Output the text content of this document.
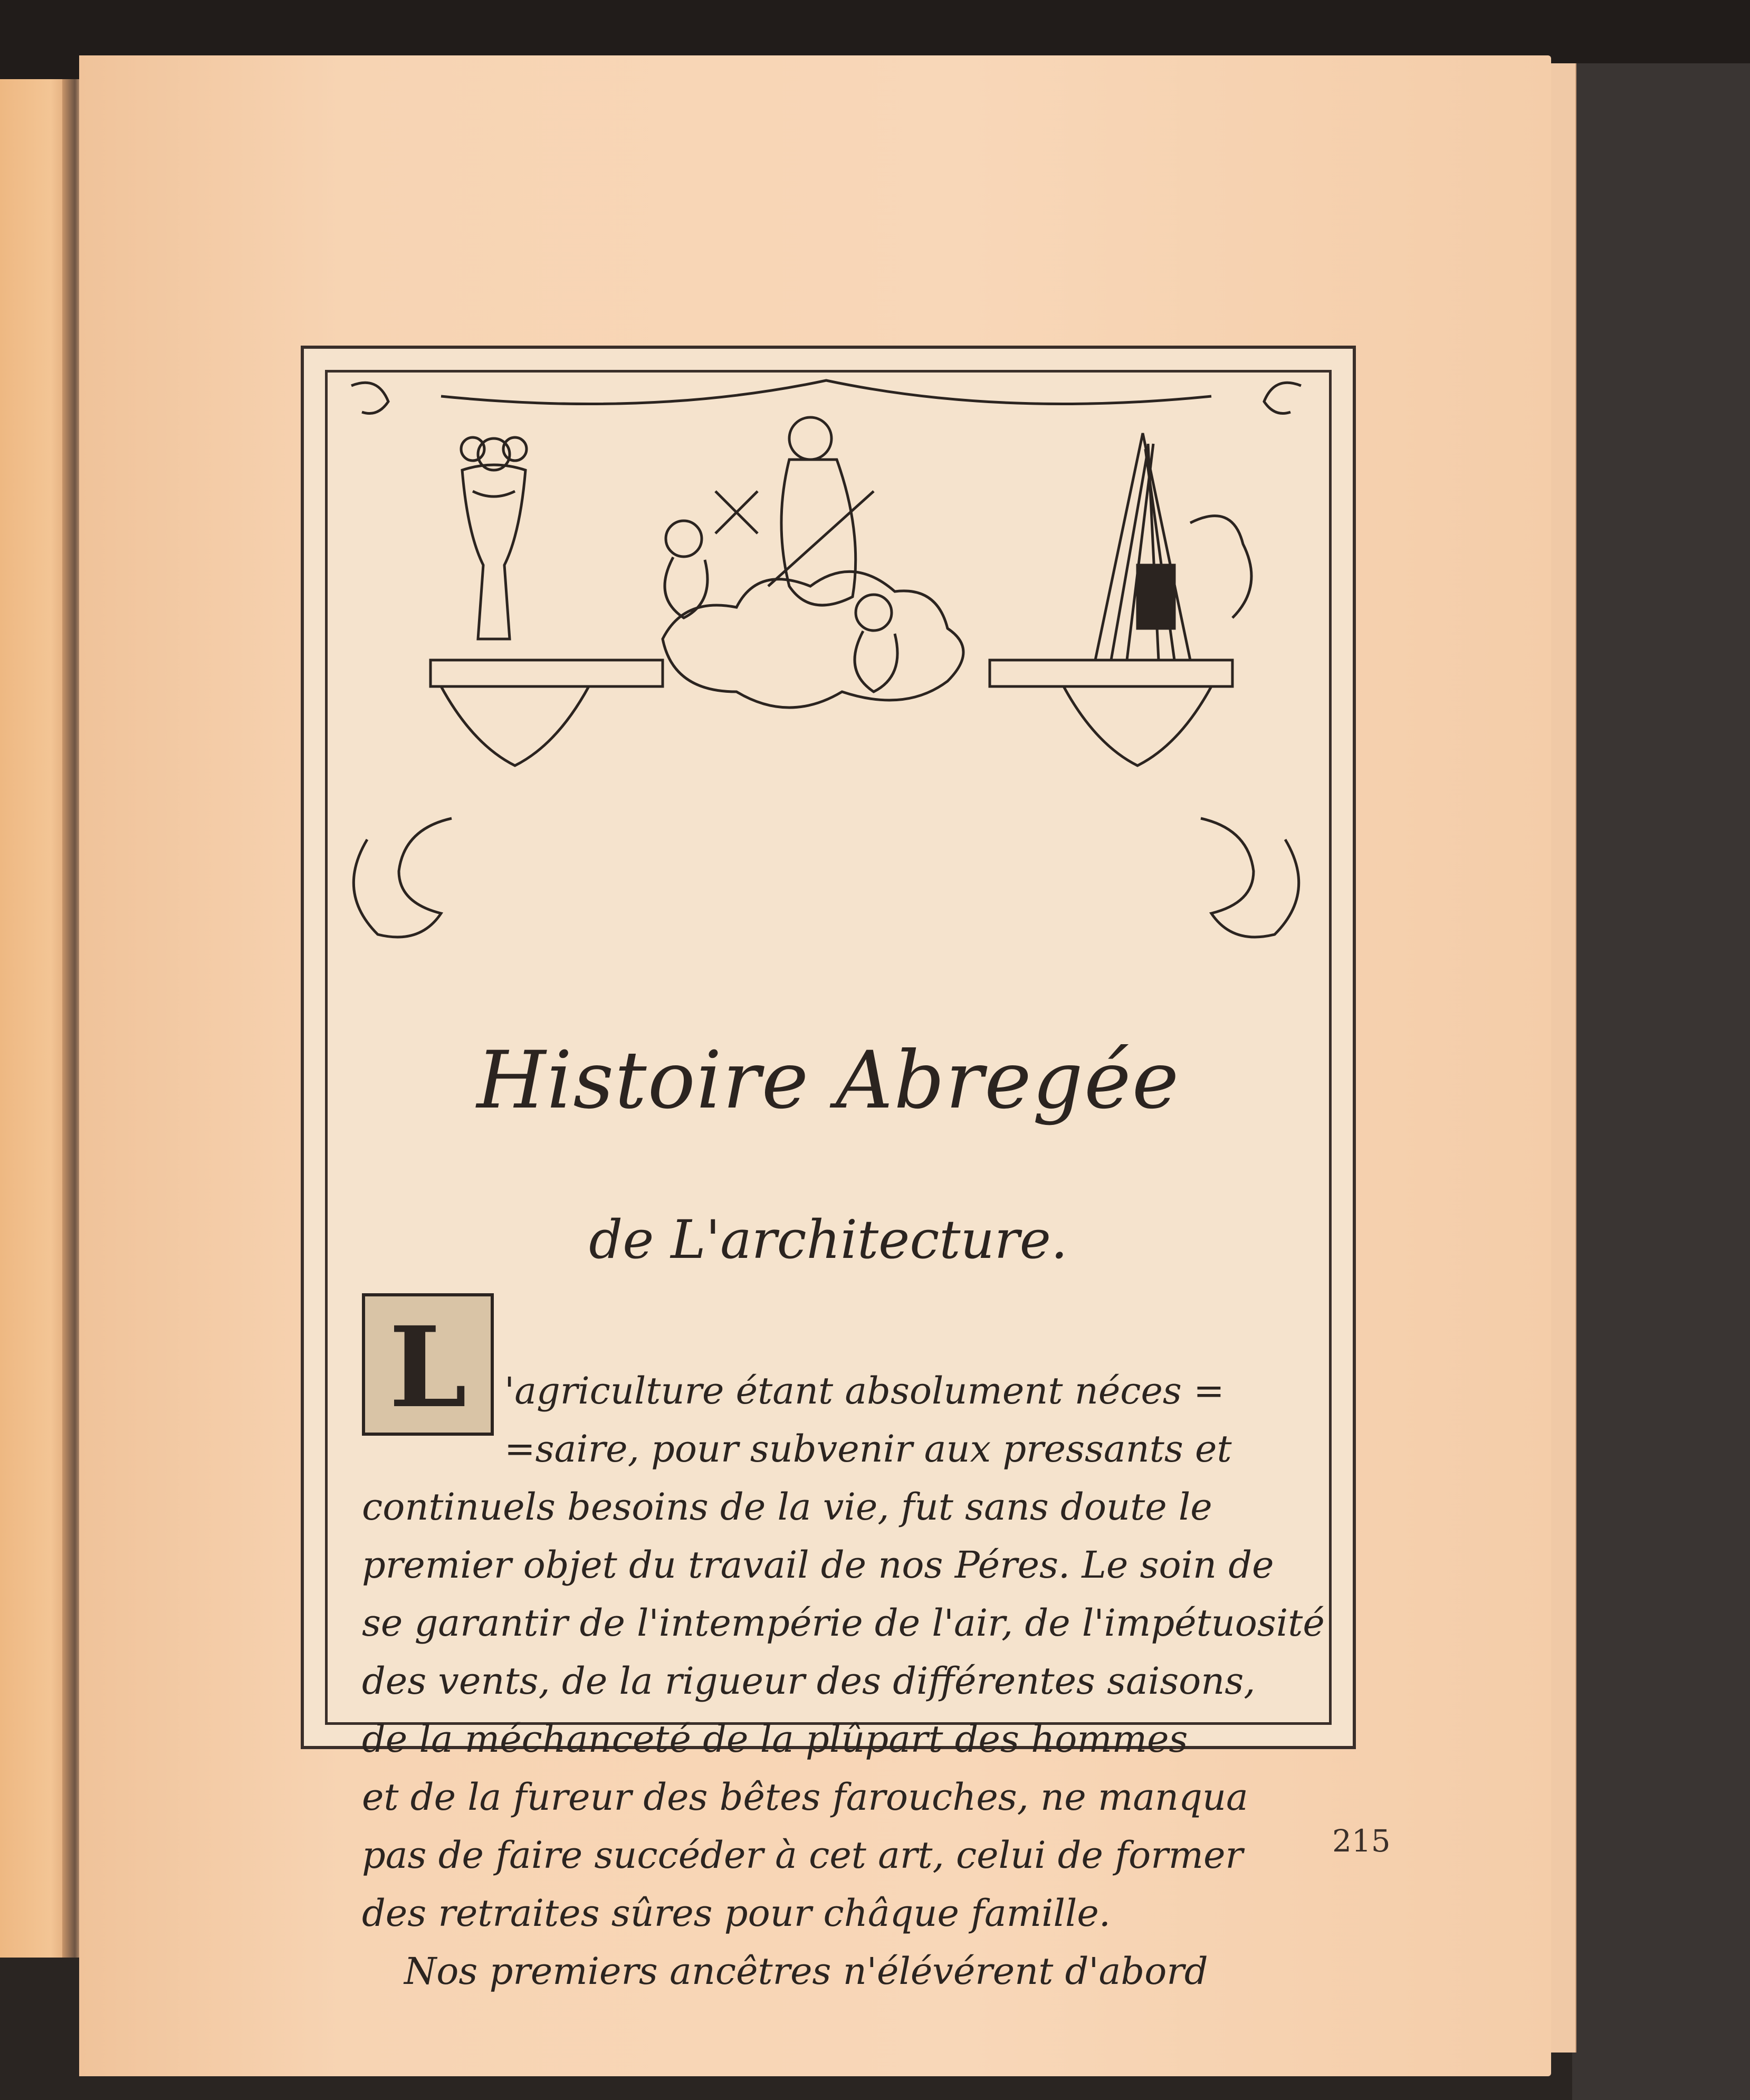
Histoire Abregée
de L'architecture.
L	'agriculture étant absolument néces =
=saire, pour subvenir aux pressants et
continuels besoins de la vie, fut sans doute le
premier objet du travail de nos Péres. Le soin de
se garantir de l'intempérie de l'air, de l'impétuosité
des vents, de la rigueur des différentes saisons,
de la méchanceté de la plûpart des hommes
et de la fureur des bêtes farouches, ne manqua
pas de faire succéder à cet art, celui de former
des retraites sûres pour châque famille.
Nos premiers ancêtres n'élévérent d'abord
215
